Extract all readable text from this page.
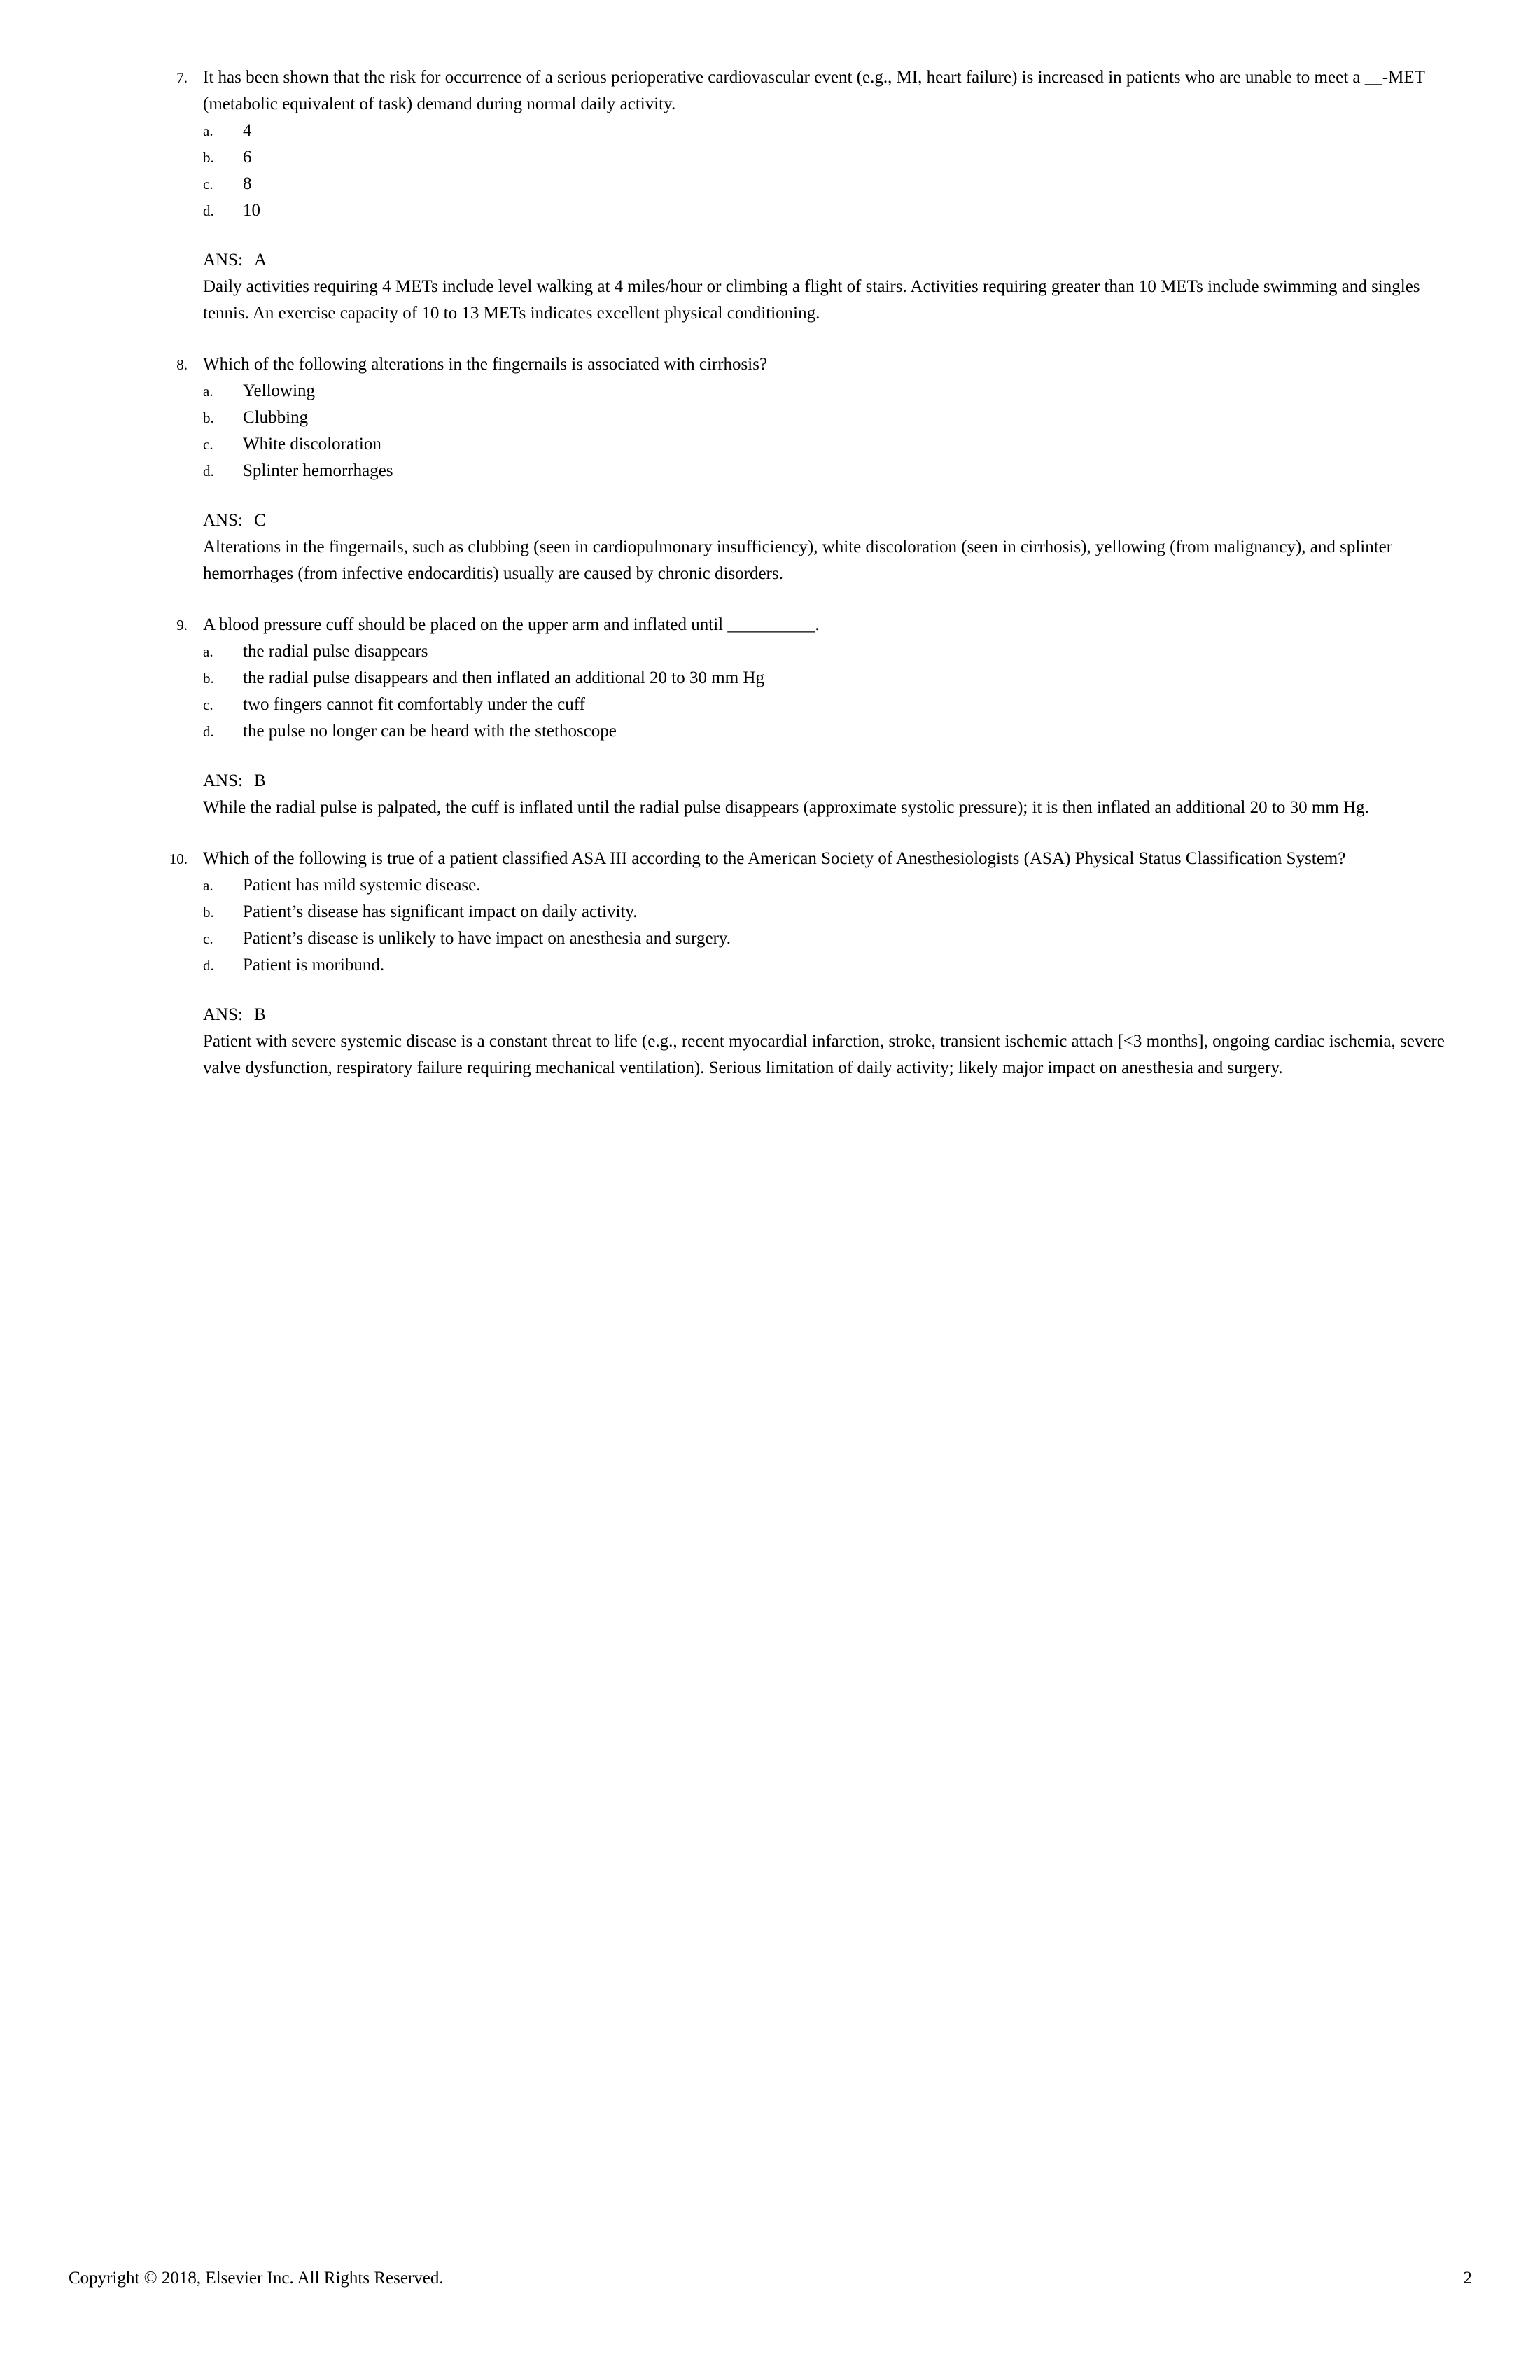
7. It has been shown that the risk for occurrence of a serious perioperative cardiovascular event (e.g., MI, heart failure) is increased in patients who are unable to meet a __-MET (metabolic equivalent of task) demand during normal daily activity.

a.	4
b.	6
c.	8
d.	10
ANS: A

Daily activities requiring 4 METs include level walking at 4 miles/hour or climbing a flight of stairs. Activities requiring greater than 10 METs include swimming and singles tennis. An exercise capacity of 10 to 13 METs indicates excellent physical conditioning.

8. Which of the following alterations in the fingernails is associated with cirrhosis?

a.	Yellowing
b.	Clubbing
c.	White discoloration
d.	Splinter hemorrhages
ANS: C

Alterations in the fingernails, such as clubbing (seen in cardiopulmonary insufficiency), white discoloration (seen in cirrhosis), yellowing (from malignancy), and splinter hemorrhages (from infective endocarditis) usually are caused by chronic disorders.

9. A blood pressure cuff should be placed on the upper arm and inflated until __________.

a.	the radial pulse disappears
b.	the radial pulse disappears and then inflated an additional 20 to 30 mm Hg
c.	two fingers cannot fit comfortably under the cuff
d.	the pulse no longer can be heard with the stethoscope
ANS: B

While the radial pulse is palpated, the cuff is inflated until the radial pulse disappears (approximate systolic pressure); it is then inflated an additional 20 to 30 mm Hg.

10. Which of the following is true of a patient classified ASA III according to the American Society of Anesthesiologists (ASA) Physical Status Classification System?

a.	Patient has mild systemic disease.
b.	Patient’s disease has significant impact on daily activity.
c.	Patient’s disease is unlikely to have impact on anesthesia and surgery.
d.	Patient is moribund.
ANS: B

Patient with severe systemic disease is a constant threat to life (e.g., recent myocardial infarction, stroke, transient ischemic attach [<3 months], ongoing cardiac ischemia, severe valve dysfunction, respiratory failure requiring mechanical ventilation). Serious limitation of daily activity; likely major impact on anesthesia and surgery.

Copyright © 2018, Elsevier Inc. All Rights Reserved.	2
